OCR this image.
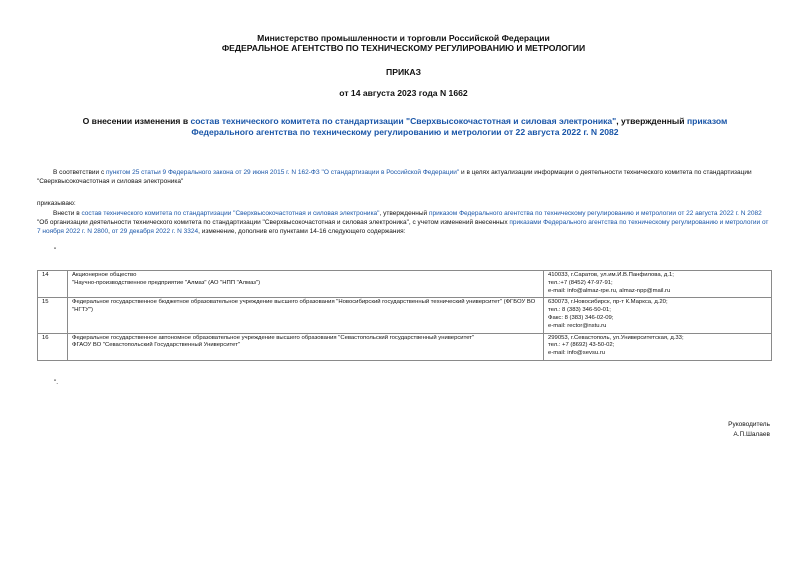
Министерство промышленности и торговли Российской Федерации
ФЕДЕРАЛЬНОЕ АГЕНТСТВО ПО ТЕХНИЧЕСКОМУ РЕГУЛИРОВАНИЮ И МЕТРОЛОГИИ
ПРИКАЗ
от 14 августа 2023 года N 1662
О внесении изменения в состав технического комитета по стандартизации "Сверхвысокочастотная и силовая электроника", утвержденный приказом Федерального агентства по техническому регулированию и метрологии от 22 августа 2022 г. N 2082
В соответствии с пунктом 25 статьи 9 Федерального закона от 29 июня 2015 г. N 162-ФЗ "О стандартизации в Российской Федерации" и в целях актуализации информации о деятельности технического комитета по стандартизации "Сверхвысокочастотная и силовая электроника"
приказываю:
Внести в состав технического комитета по стандартизации "Сверхвысокочастотная и силовая электроника", утвержденный приказом Федерального агентства по техническому регулированию и метрологии от 22 августа 2022 г. N 2082 "Об организации деятельности технического комитета по стандартизации "Сверхвысокочастотная и силовая электроника", с учетом изменений внесенных приказами Федерального агентства по техническому регулированию и метрологии от 7 ноября 2022 г. N 2800, от 29 декабря 2022 г. N 3324, изменение, дополнив его пунктами 14-16 следующего содержания:
"
14	Акционерное общество
"Научно-производственное предприятие "Алмаз" (АО "НПП "Алмаз")	410033, г.Саратов, ул.им.И.В.Панфилова, д.1;
тел.:+7 (8452) 47-97-91;
e-mail: info@almaz-rpe.ru, almaz-npp@mail.ru

15	Федеральное государственное бюджетное образовательное учреждение высшего образования "Новосибирский государственный технический университет" (ФГБОУ ВО "НГТУ")	630073, г.Новосибирск, пр-т К.Маркса, д.20;
тел.: 8 (383) 346-50-01;
Факс: 8 (383) 346-02-09;
e-mail: rector@nstu.ru

16	Федеральное государственное автономное образовательное учреждение высшего образования "Севастопольский государственный университет"
ФГАОУ ВО "Севастопольский Государственный Университет"	299053, г.Севастополь, ул.Университетская, д.33;
тел.: +7 (8692) 43-50-02;
e-mail: info@sevsu.ru
".
Руководитель
А.П.Шалаев
